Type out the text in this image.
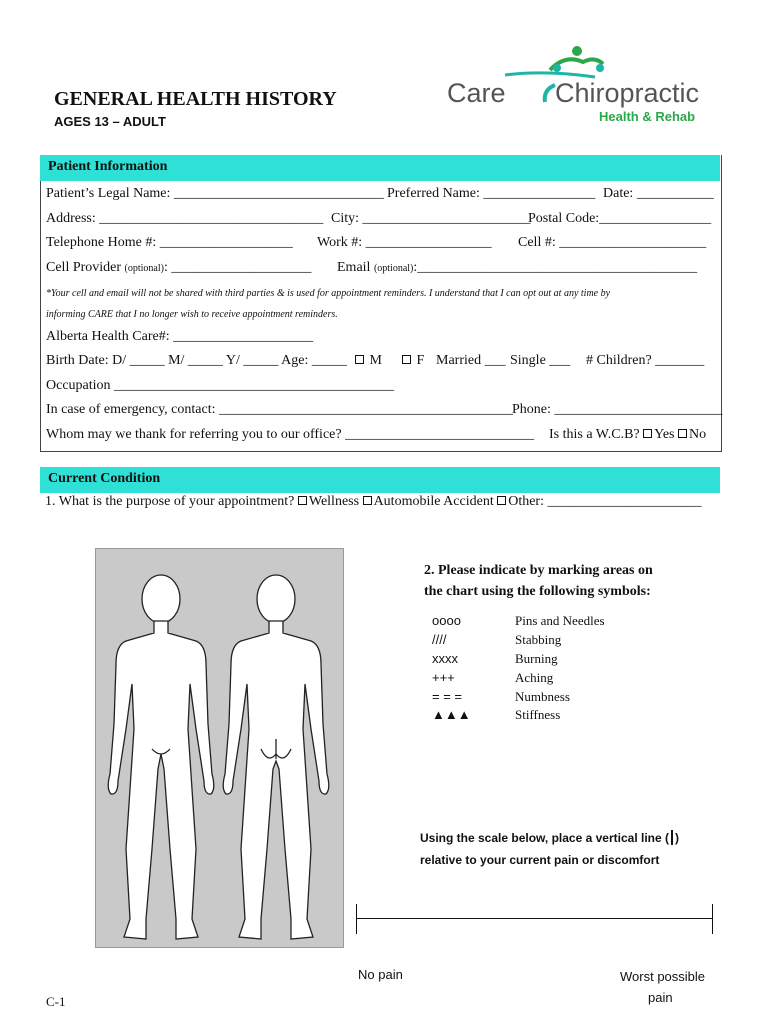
GENERAL HEALTH HISTORY
AGES 13 – ADULT
Care Chiropractic
Health & Rehab
Patient Information
Patient’s Legal Name: ______________________________ Preferred Name: ________________ Date: ___________
Address: ________________________________ City: ________________________
Postal Code:________________
Telephone Home #: ___________________ Work #: __________________ Cell #: _____________________
Cell Provider (optional): ____________________ Email (optional):________________________________________
*Your cell and email will not be shared with third parties & is used for appointment reminders. I understand that I can opt out at any time by
informing CARE that I no longer wish to receive appointment reminders.
Alberta Health Care#: ____________________
Birth Date: D/ _____ M/ _____ Y/ _____ Age: _____	M	F Married ___ Single ___ # Children? _______
Occupation ________________________________________
In case of emergency, contact: __________________________________________ Phone: ________________________
Whom may we thank for referring you to our office? ___________________________ Is this a W.C.B? Yes No
Current Condition
1. What is the purpose of your appointment? Wellness Automobile Accident Other: ______________________
2. Please indicate by marking areas on
the chart using the following symbols:
oooo	Pins and Needles
////	Stabbing
xxxx	Burning
+++	Aching
= = =	Numbness
▲▲▲	Stiffness
Using the scale below, place a vertical line ( )
relative to your current pain or discomfort
No pain	Worst possible
pain
C-1
